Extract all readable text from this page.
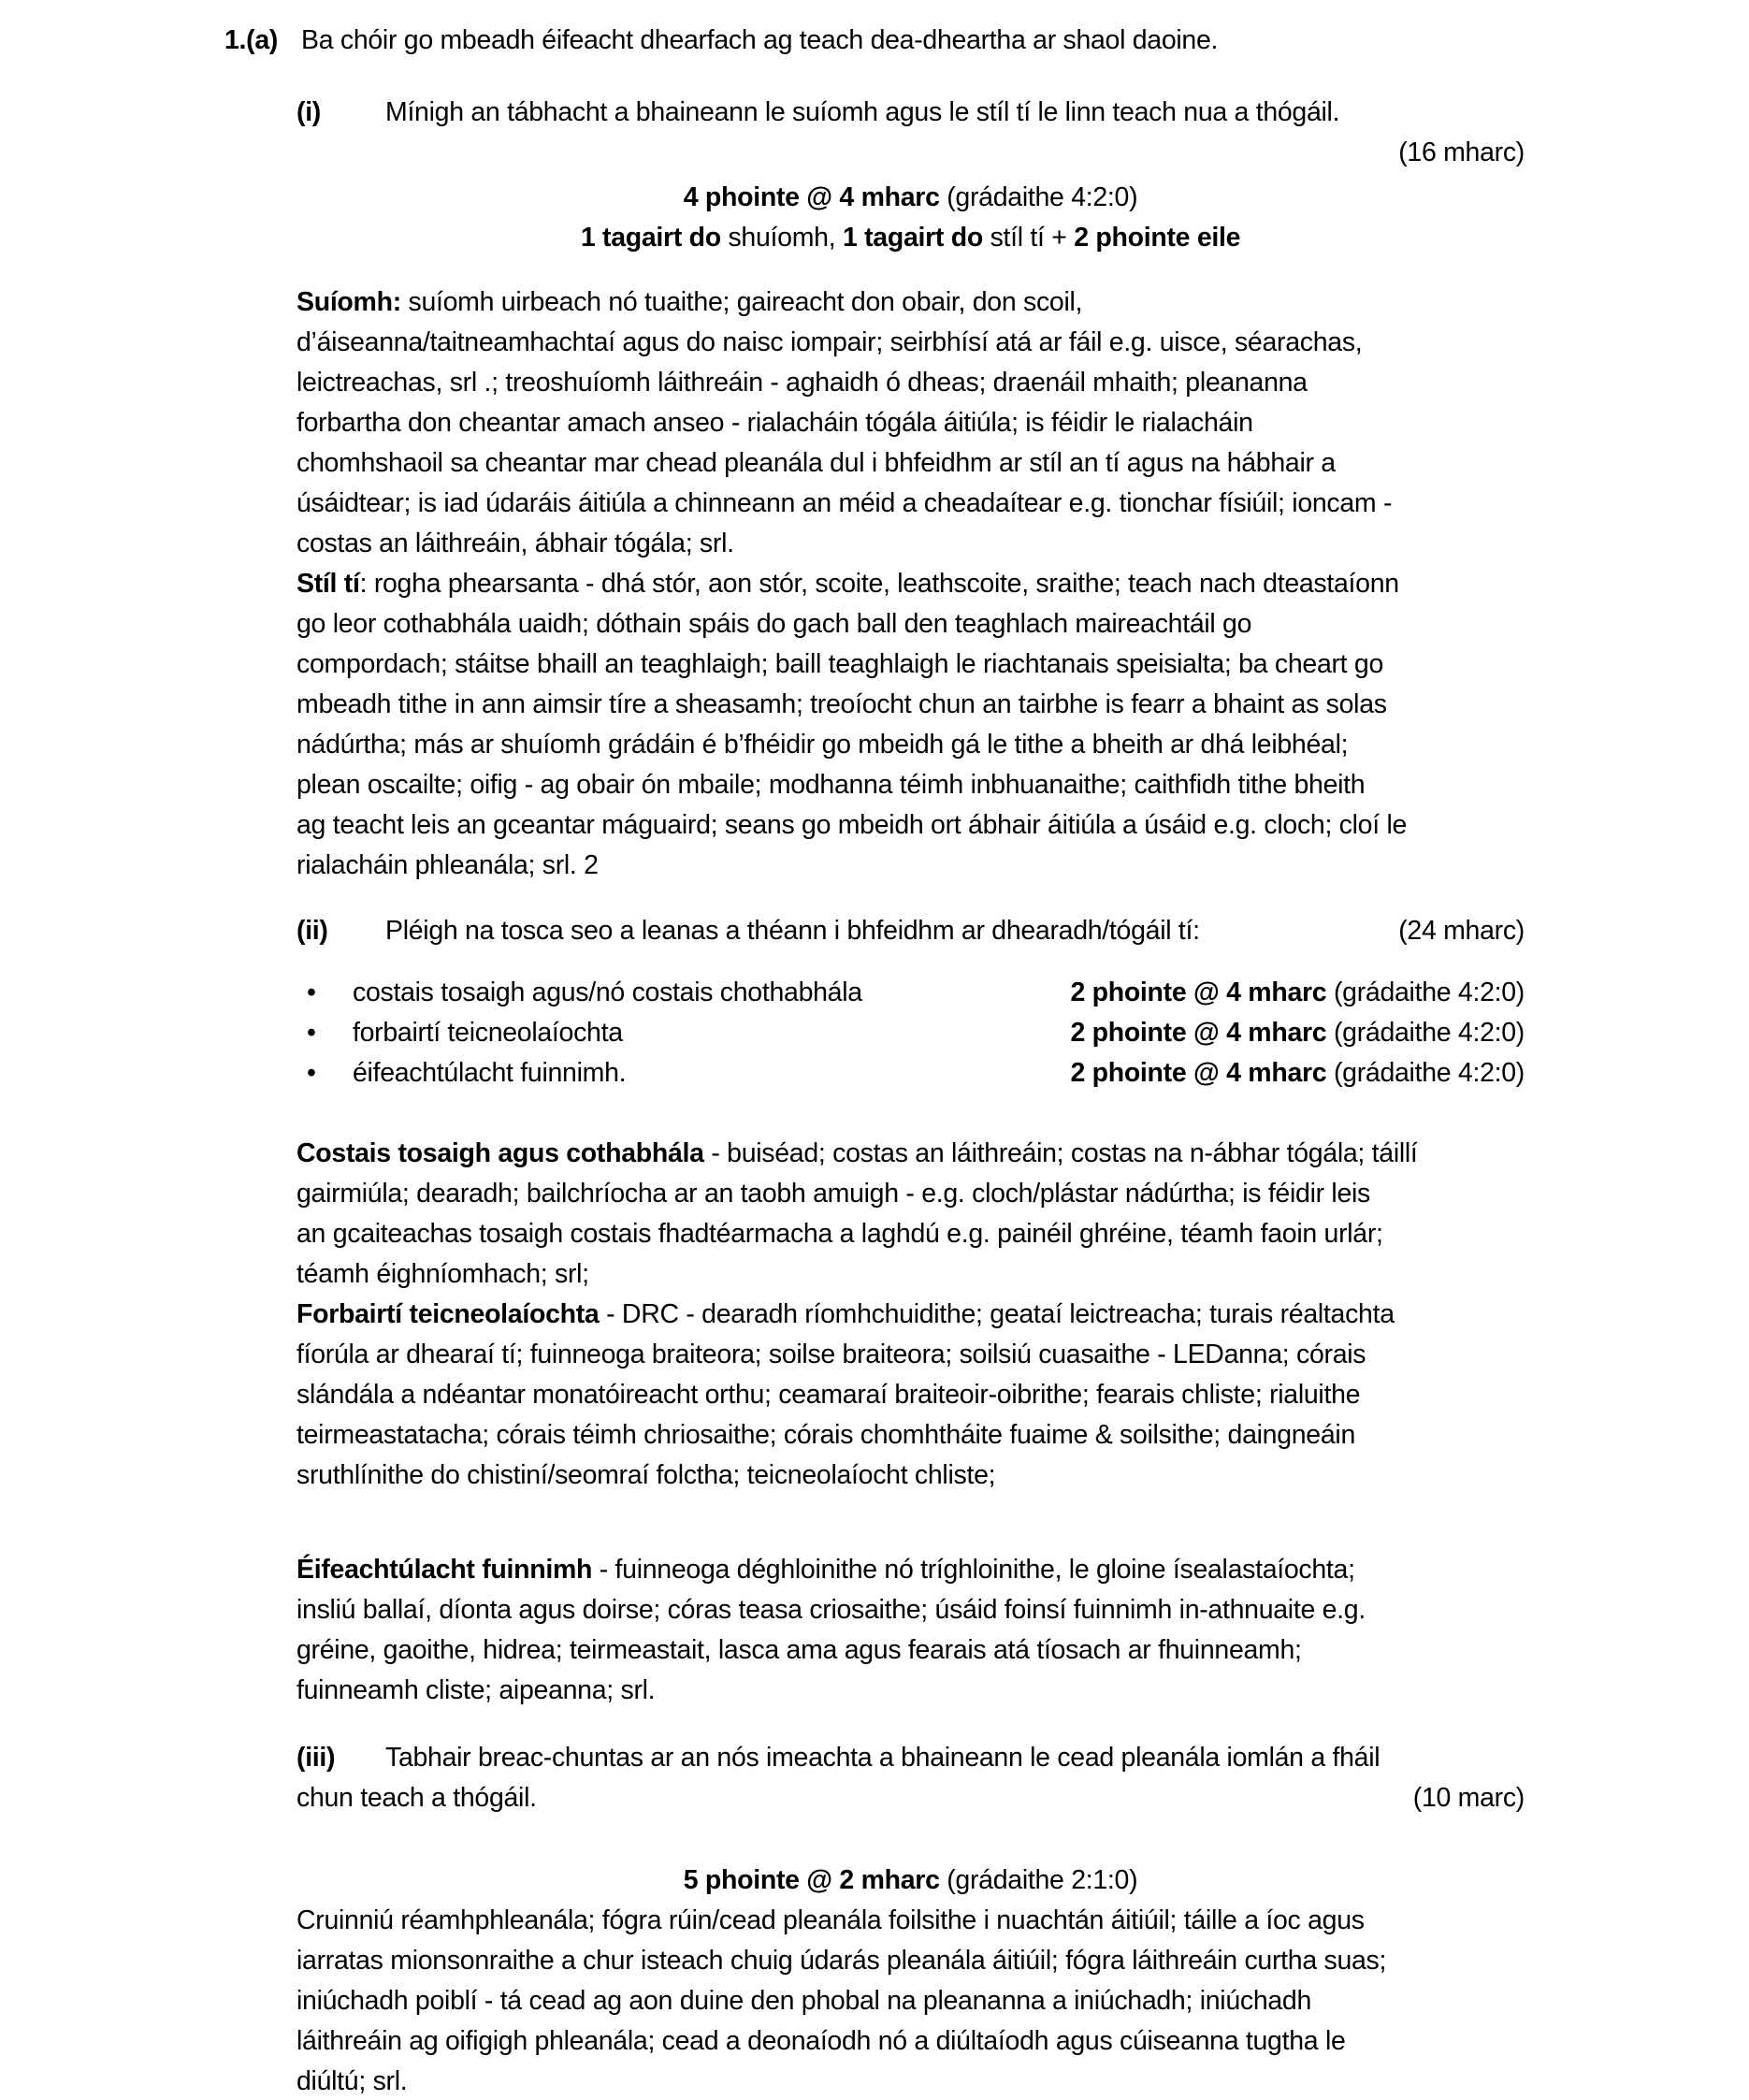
1.(a) Ba chóir go mbeadh éifeacht dhearfach ag teach dea-dheartha ar shaol daoine.
(i) Mínigh an tábhacht a bhaineann le suíomh agus le stíl tí le linn teach nua a thógáil.
(16 mharc)
4 phointe @ 4 mharc (grádaithe 4:2:0)
1 tagairt do shuíomh, 1 tagairt do stíl tí + 2 phointe eile
Suíomh: suíomh uirbeach nó tuaithe; gaireacht don obair, don scoil,
d’áiseanna/taitneamhachtaí agus do naisc iompair; seirbhísí atá ar fáil e.g. uisce, séarachas,
leictreachas, srl .; treoshuíomh láithreáin - aghaidh ó dheas; draenáil mhaith; pleananna
forbartha don cheantar amach anseo - rialacháin tógála áitiúla; is féidir le rialacháin
chomhshaoil sa cheantar mar chead pleanála dul i bhfeidhm ar stíl an tí agus na hábhair a
úsáidtear; is iad údaráis áitiúla a chinneann an méid a cheadaítear e.g. tionchar físiúil; ioncam -
costas an láithreáin, ábhair tógála; srl.
Stíl tí: rogha phearsanta - dhá stór, aon stór, scoite, leathscoite, sraithe; teach nach dteastaíonn
go leor cothabhála uaidh; dóthain spáis do gach ball den teaghlach maireachtáil go
compordach; stáitse bhaill an teaghlaigh; baill teaghlaigh le riachtanais speisialta; ba cheart go
mbeadh tithe in ann aimsir tíre a sheasamh; treoíocht chun an tairbhe is fearr a bhaint as solas
nádúrtha; más ar shuíomh grádáin é b’fhéidir go mbeidh gá le tithe a bheith ar dhá leibhéal;
plean oscailte; oifig - ag obair ón mbaile; modhanna téimh inbhuanaithe; caithfidh tithe bheith
ag teacht leis an gceantar máguaird; seans go mbeidh ort ábhair áitiúla a úsáid e.g. cloch; cloí le
rialacháin phleanála; srl. 2
(ii) Pléigh na tosca seo a leanas a théann i bhfeidhm ar dhearadh/tógáil tí:	(24 mharc)
•	costais tosaigh agus/nó costais chothabhála	2 phointe @ 4 mharc (grádaithe 4:2:0)
•	forbairtí teicneolaíochta	2 phointe @ 4 mharc (grádaithe 4:2:0)
•	éifeachtúlacht fuinnimh.	2 phointe @ 4 mharc (grádaithe 4:2:0)
Costais tosaigh agus cothabhála - buiséad; costas an láithreáin; costas na n-ábhar tógála; táillí
gairmiúla; dearadh; bailchríocha ar an taobh amuigh - e.g. cloch/plástar nádúrtha; is féidir leis
an gcaiteachas tosaigh costais fhadtéarmacha a laghdú e.g. painéil ghréine, téamh faoin urlár;
téamh éighníomhach; srl;
Forbairtí teicneolaíochta - DRC - dearadh ríomhchuidithe; geataí leictreacha; turais réaltachta
fíorúla ar dhearaí tí; fuinneoga braiteora; soilse braiteora; soilsiú cuasaithe - LEDanna; córais
slándála a ndéantar monatóireacht orthu; ceamaraí braiteoir-oibrithe; fearais chliste; rialuithe
teirmeastatacha; córais téimh chriosaithe; córais chomhtháite fuaime & soilsithe; daingneáin
sruthlínithe do chistiní/seomraí folctha; teicneolaíocht chliste;
Éifeachtúlacht fuinnimh - fuinneoga déghloinithe nó tríghloinithe, le gloine ísealastaíochta;
insliú ballaí, díonta agus doirse; córas teasa criosaithe; úsáid foinsí fuinnimh in-athnuaite e.g.
gréine, gaoithe, hidrea; teirmeastait, lasca ama agus fearais atá tíosach ar fhuinneamh;
fuinneamh cliste; aipeanna; srl.
(iii) Tabhair breac-chuntas ar an nós imeachta a bhaineann le cead pleanála iomlán a fháil
chun teach a thógáil.	(10 marc)
5 phointe @ 2 mharc (grádaithe 2:1:0)
Cruinniú réamhphleanála; fógra rúin/cead pleanála foilsithe i nuachtán áitiúil; táille a íoc agus
iarratas mionsonraithe a chur isteach chuig údarás pleanála áitiúil; fógra láithreáin curtha suas;
iniúchadh poiblí - tá cead ag aon duine den phobal na pleananna a iniúchadh; iniúchadh
láithreáin ag oifigigh phleanála; cead a deonaíodh nó a diúltaíodh agus cúiseanna tugtha le
diúltú; srl.
